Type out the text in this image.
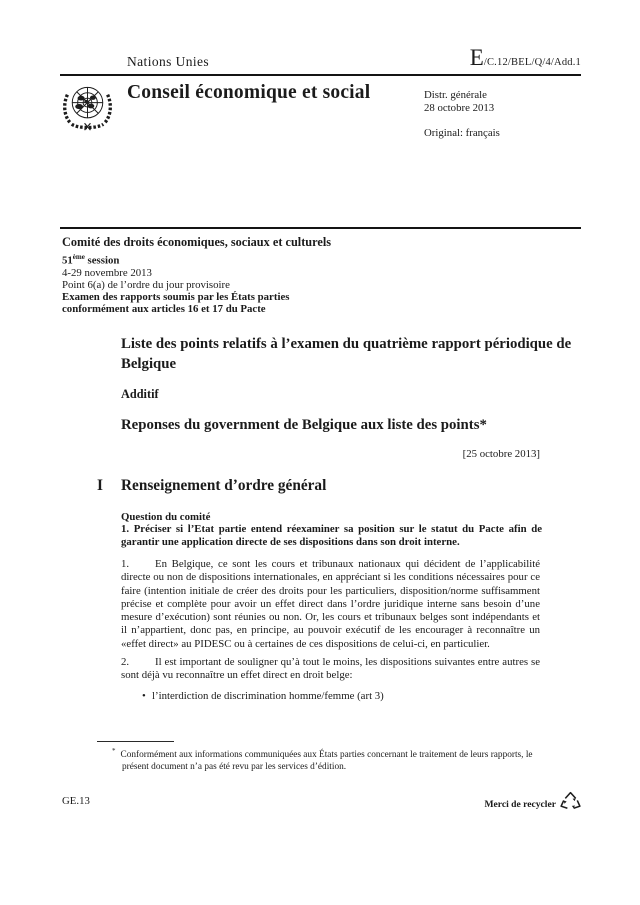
Nations Unies	E/C.12/BEL/Q/4/Add.1
Conseil économique et social	Distr. générale
28 octobre 2013
Original: français
Comité des droits économiques, sociaux et culturels
51ème session
4-29 novembre 2013
Point 6(a) de l’ordre du jour provisoire
Examen des rapports soumis par les États parties
conformément aux articles 16 et 17 du Pacte
Liste des points relatifs à l’examen du quatrième rapport périodique de Belgique
Additif
Reponses du government de Belgique aux liste des points*
[25 octobre 2013]
I Renseignement d’ordre général
Question du comité
1. Préciser si l’Etat partie entend réexaminer sa position sur le statut du Pacte afin de garantir une application directe de ses dispositions dans son droit interne.
1. En Belgique, ce sont les cours et tribunaux nationaux qui décident de l’applicabilité directe ou non de dispositions internationales, en appréciant si les conditions nécessaires pour ce faire (intention initiale de créer des droits pour les particuliers, disposition/norme suffisamment précise et complète pour avoir un effet direct dans l’ordre juridique interne sans besoin d’une mesure d’exécution) sont réunies ou non. Or, les cours et tribunaux belges sont indépendants et il n’appartient, donc pas, en principe, au pouvoir exécutif de les encourager à reconnaître un «effet direct» au PIDESC ou à certaines de ces dispositions de celui-ci, en particulier.
2. Il est important de souligner qu’à tout le moins, les dispositions suivantes entre autres se sont déjà vu reconnaître un effet direct en droit belge:
• l’interdiction de discrimination homme/femme (art 3)
* Conformément aux informations communiquées aux États parties concernant le traitement de leurs rapports, le présent document n’a pas été revu par les services d’édition.
GE.13	Merci de recycler
